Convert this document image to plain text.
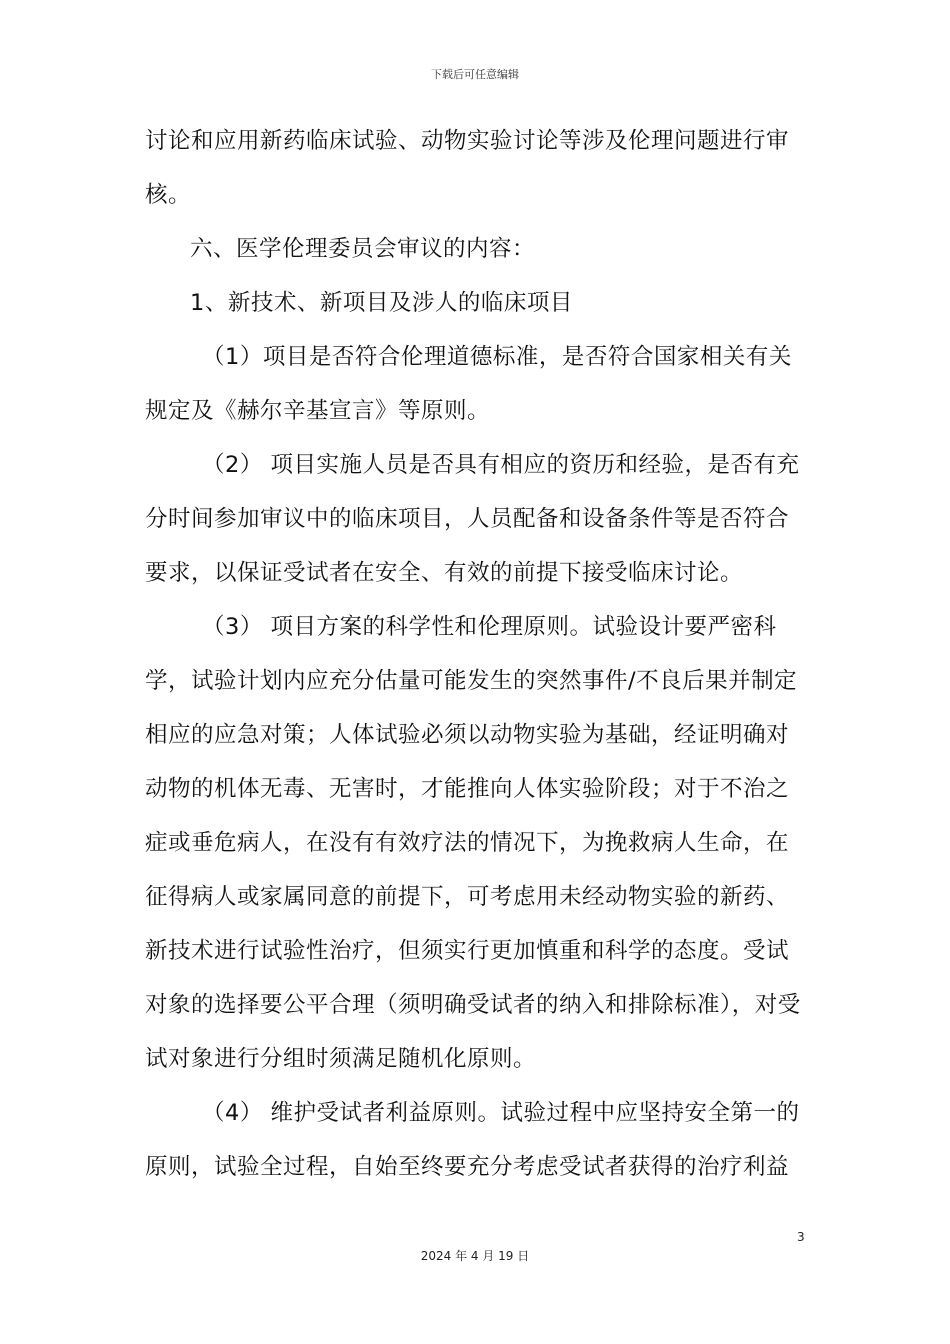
下载后可任意编辑

讨论和应用新药临床试验、动物实验讨论等涉及伦理问题进行审核。

六、医学伦理委员会审议的内容：

1、新技术、新项目及涉人的临床项目

（1）项目是否符合伦理道德标准，是否符合国家相关有关规定及《赫尔辛基宣言》等原则。

（2） 项目实施人员是否具有相应的资历和经验，是否有充分时间参加审议中的临床项目，人员配备和设备条件等是否符合要求，以保证受试者在安全、有效的前提下接受临床讨论。

（3） 项目方案的科学性和伦理原则。试验设计要严密科学，试验计划内应充分估量可能发生的突然事件/不良后果并制定相应的应急对策；人体试验必须以动物实验为基础，经证明确对动物的机体无毒、无害时，才能推向人体实验阶段；对于不治之症或垂危病人，在没有有效疗法的情况下，为挽救病人生命，在征得病人或家属同意的前提下，可考虑用未经动物实验的新药、新技术进行试验性治疗，但须实行更加慎重和科学的态度。受试对象的选择要公平合理（须明确受试者的纳入和排除标准），对受试对象进行分组时须满足随机化原则。

（4） 维护受试者利益原则。试验过程中应坚持安全第一的原则，试验全过程，自始至终要充分考虑受试者获得的治疗利益

3
2024 年 4 月 19 日
